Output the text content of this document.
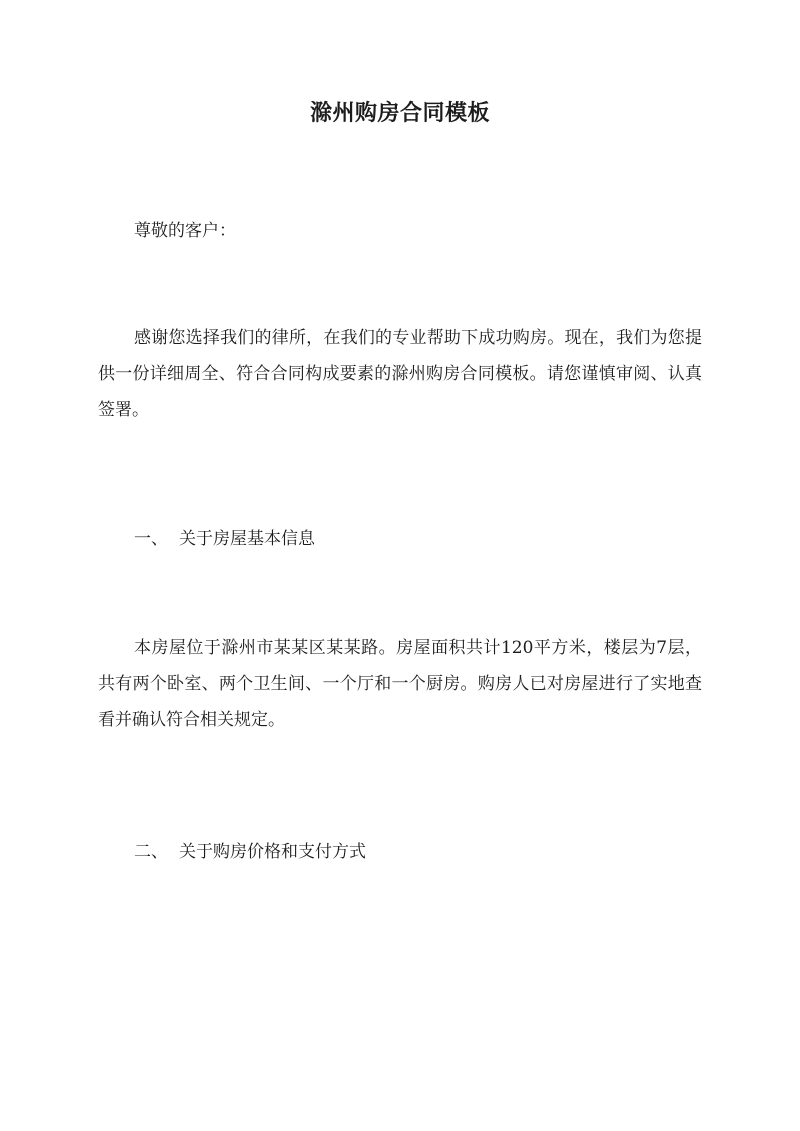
滁州购房合同模板

尊敬的客户：

感谢您选择我们的律所，在我们的专业帮助下成功购房。现在，我们为您提供一份详细周全、符合合同构成要素的滁州购房合同模板。请您谨慎审阅、认真签署。

一、 关于房屋基本信息

本房屋位于滁州市某某区某某路。房屋面积共计120平方米，楼层为7层，共有两个卧室、两个卫生间、一个厅和一个厨房。购房人已对房屋进行了实地查看并确认符合相关规定。

二、 关于购房价格和支付方式
